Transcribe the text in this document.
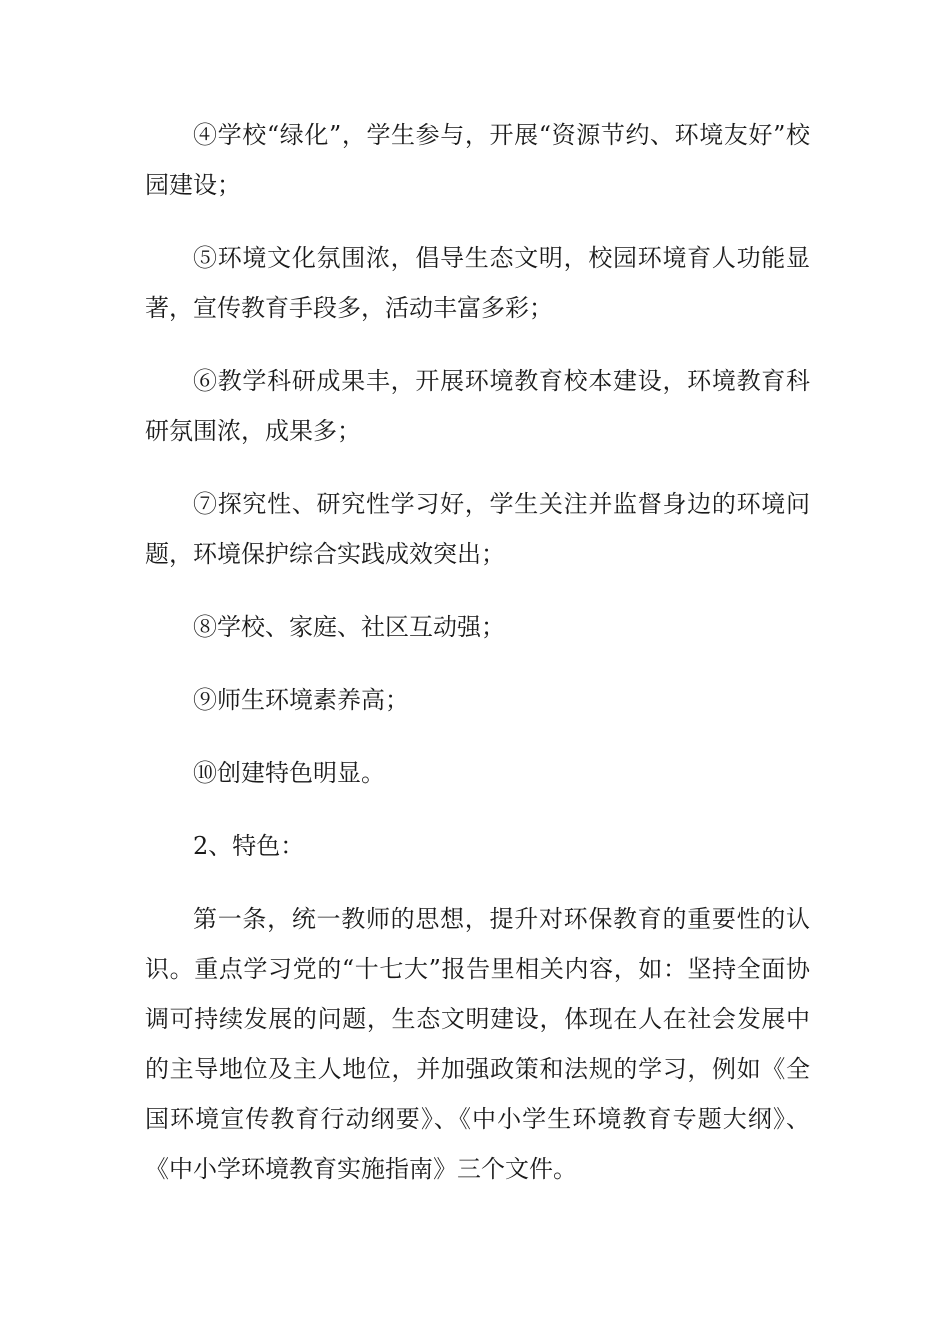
④学校“绿化”，学生参与，开展“资源节约、环境友好”校园建设；

⑤环境文化氛围浓，倡导生态文明，校园环境育人功能显著，宣传教育手段多，活动丰富多彩；

⑥教学科研成果丰，开展环境教育校本建设，环境教育科研氛围浓，成果多；

⑦探究性、研究性学习好，学生关注并监督身边的环境问题，环境保护综合实践成效突出；

⑧学校、家庭、社区互动强；

⑨师生环境素养高；

⑩创建特色明显。

2、特色：

第一条，统一教师的思想，提升对环保教育的重要性的认识。重点学习党的“十七大”报告里相关内容，如：坚持全面协调可持续发展的问题，生态文明建设，体现在人在社会发展中的主导地位及主人地位，并加强政策和法规的学习，例如《全国环境宣传教育行动纲要》、《中小学生环境教育专题大纲》、《中小学环境教育实施指南》三个文件。
